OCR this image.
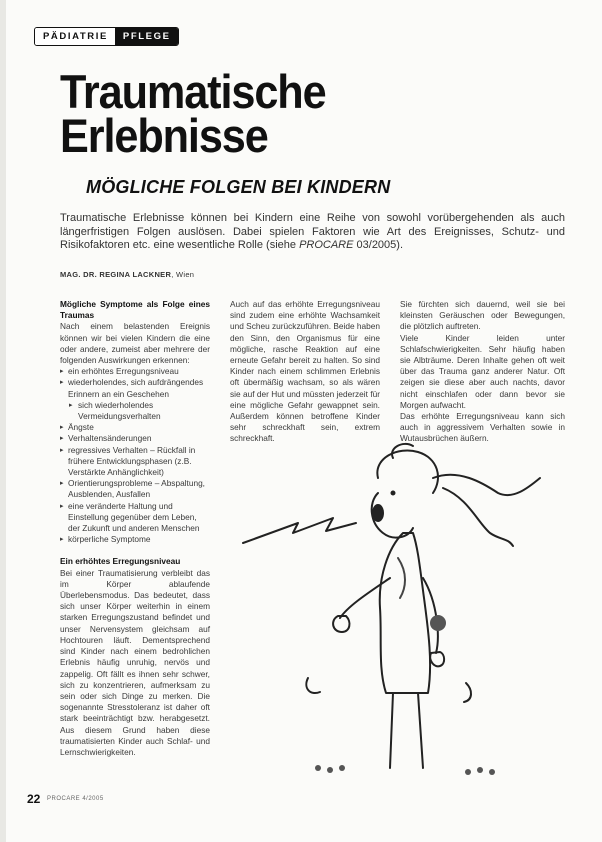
PÄDIATRIE	PFLEGE
Traumatische
Erlebnisse
MÖGLICHE FOLGEN BEI KINDERN

Traumatische Erlebnisse können bei Kindern eine Reihe von sowohl vorübergehenden als auch längerfristigen Folgen auslösen. Dabei spielen Faktoren wie Art des Ereignisses, Schutz- und Risikofaktoren etc. eine wesentliche Rolle (siehe PROCARE 03/2005).

MAG. DR. REGINA LACKNER, Wien

Mögliche Symptome als Folge eines Traumas

Nach einem belastenden Ereignis können wir bei vielen Kindern die eine oder andere, zumeist aber mehrere der folgenden Auswirkungen erkennen:

▸ ein erhöhtes Erregungsniveau
▸ wiederholendes, sich aufdrängendes Erinnern an ein Geschehen
▸ sich wiederholendes Vermeidungsverhalten
▸ Ängste
▸ Verhaltensänderungen
▸ regressives Verhalten – Rückfall in frühere Entwicklungsphasen (z.B. Verstärkte Anhänglichkeit)
▸ Orientierungsprobleme – Abspaltung, Ausblenden, Ausfallen
▸ eine veränderte Haltung und Einstellung gegenüber dem Leben, der Zukunft und anderen Menschen
▸ körperliche Symptome

Ein erhöhtes Erregungsniveau

Bei einer Traumatisierung verbleibt das im Körper ablaufende Überlebensmodus. Das bedeutet, dass sich unser Körper weiterhin in einem starken Erregungszustand befindet und unser Nervensystem gleichsam auf Hochtouren läuft. Dementsprechend sind Kinder nach einem bedrohlichen Erlebnis häufig unruhig, nervös und zappelig. Oft fällt es ihnen sehr schwer, sich zu konzentrieren, aufmerksam zu sein oder sich Dinge zu merken. Die sogenannte Stresstoleranz ist daher oft stark beeinträchtigt bzw. herabgesetzt. Aus diesem Grund haben diese traumatisierten Kinder auch Schlaf- und Lernschwierigkeiten.

Auch auf das erhöhte Erregungsniveau sind zudem eine erhöhte Wachsamkeit und Scheu zurückzuführen. Beide haben den Sinn, den Organismus für eine mögliche, rasche Reaktion auf eine erneute Gefahr bereit zu halten. So sind Kinder nach einem schlimmen Erlebnis oft übermäßig wachsam, so als wären sie auf der Hut und müssten jederzeit für eine mögliche Gefahr gewappnet sein. Außerdem können betroffene Kinder sehr schreckhaft sein, extrem schreckhaft.

Sie fürchten sich dauernd, weil sie bei kleinsten Geräuschen oder Bewegungen, die plötzlich auftreten.

Viele Kinder leiden unter Schlafschwierigkeiten. Sehr häufig haben sie Albträume. Deren Inhalte gehen oft weit über das Trauma ganz anderer Natur. Oft zeigen sie diese aber auch nachts, davor nicht einschlafen oder dann bevor sie Morgen aufwacht.

Das erhöhte Erregungsniveau kann sich auch in aggressivem Verhalten sowie in Wutausbrüchen äußern.

22 PROCARE 4/2005
